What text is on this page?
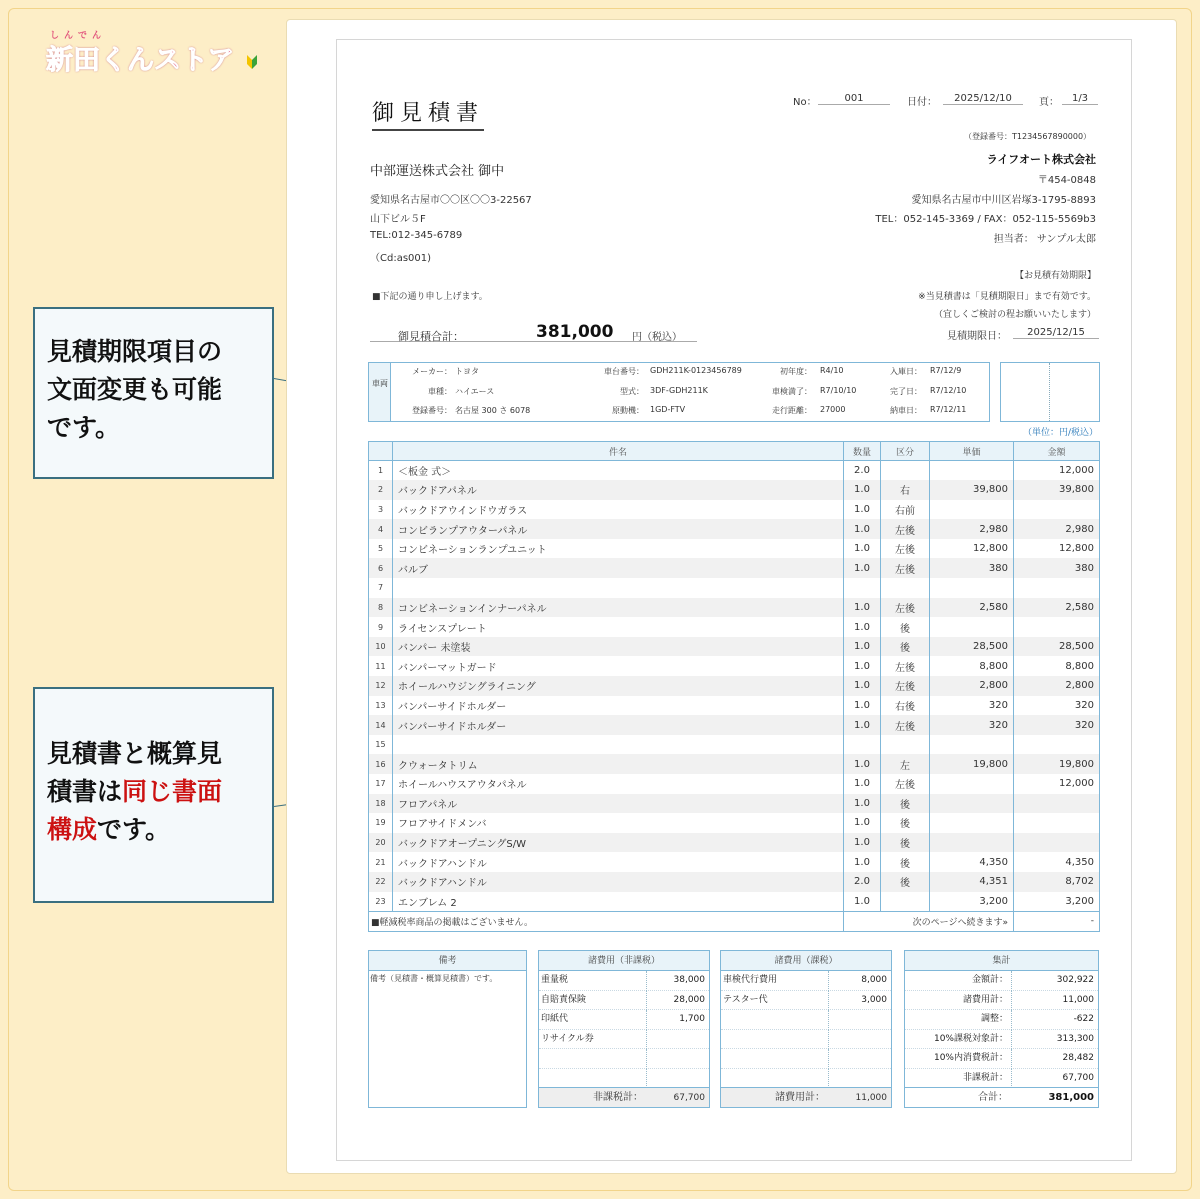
しんでん
新田くんストア
見積期限項目の
文面変更も可能
です。
見積書と概算見
積書は同じ書面
構成です。
御見積書	No：	001	日付：	2025/12/10	頁：	1/3
（登録番号：T1234567890000）
中部運送株式会社 御中
愛知県名古屋市〇〇区〇〇3-22567
山下ビル５F
TEL:012-345-6789
（Cd:as001)
ライフオート株式会社
〒454-0848
愛知県名古屋市中川区岩塚3-1795-8893
TEL：052-145-3369 / FAX：052-115-5569b3
担当者： サンプル太郎
【お見積有効期限】
■下記の通り申し上げます。	※当見積書は「見積期限日」まで有効です。
（宜しくご検討の程お願いいたします）
見積期限日：	2025/12/15
御見積合計：	381,000 円（税込）
車両
メーカー： トヨタ
車種： ハイエース
登録番号： 名古屋 300 さ 6078
車台番号： GDH211K-0123456789
型式： 3DF-GDH211K
原動機： 1GD-FTV
初年度： R4/10
車検満了： R7/10/10
走行距離： 27000
入庫日： R7/12/9
完了日： R7/12/10
納車日： R7/12/11
（単位：円/税込）
	件名	数量	区分	単価	金額
1	＜板金 式＞	2.0			12,000
2	バックドアパネル	1.0	右	39,800	39,800
3	バックドアウインドウガラス	1.0	右前		
4	コンビランプアウターパネル	1.0	左後	2,980	2,980
5	コンビネーションランプユニット	1.0	左後	12,800	12,800
6	バルブ	1.0	左後	380	380
7					
8	コンビネーションインナーパネル	1.0	左後	2,580	2,580
9	ライセンスプレート	1.0	後		
10	バンパー 未塗装	1.0	後	28,500	28,500
11	バンパーマットガード	1.0	左後	8,800	8,800
12	ホイールハウジングライニング	1.0	左後	2,800	2,800
13	バンパーサイドホルダー	1.0	右後	320	320
14	バンパーサイドホルダー	1.0	左後	320	320
15					
16	クウォータトリム	1.0	左	19,800	19,800
17	ホイールハウスアウタパネル	1.0	左後		12,000
18	フロアパネル	1.0	後		
19	フロアサイドメンバ	1.0	後		
20	バックドアオープニングS/W	1.0	後		
21	バックドアハンドル	1.0	後	4,350	4,350
22	バックドアハンドル	2.0	後	4,351	8,702
23	エンブレム 2	1.0		3,200	3,200
■軽減税率商品の掲載はございません。		次のページへ続きます»			-
備考
備考（見積書・概算見積書）です。
諸費用（非課税）
重量税	38,000
自賠責保険	28,000
印紙代	1,700
リサイクル券
非課税計：	67,700
諸費用（課税）
車検代行費用	8,000
テスター代	3,000
諸費用計：	11,000
集計
金額計：	302,922
諸費用計：	11,000
調整：	-622
10%課税対象計：	313,300
10%内消費税計：	28,482
非課税計：	67,700
合計：	381,000
